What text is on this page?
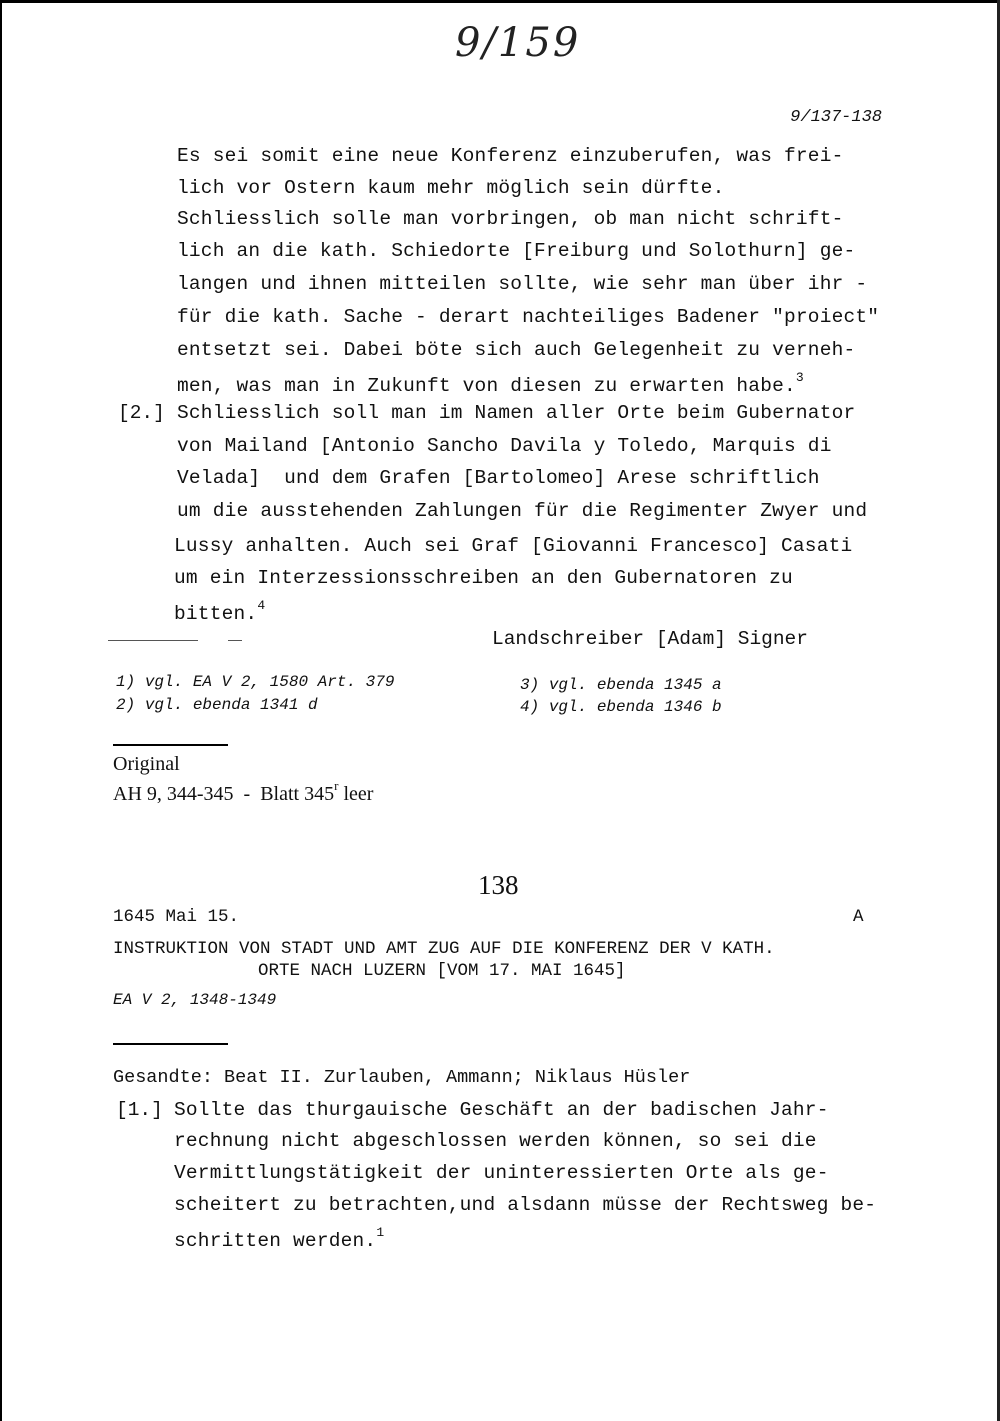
9/159
9/137-138
Es sei somit eine neue Konferenz einzuberufen, was frei-
lich vor Ostern kaum mehr möglich sein dürfte.
Schliesslich solle man vorbringen, ob man nicht schrift-
lich an die kath. Schiedorte [Freiburg und Solothurn] ge-
langen und ihnen mitteilen sollte, wie sehr man über ihr -
für die kath. Sache - derart nachteiliges Badener "proiect"
entsetzt sei. Dabei böte sich auch Gelegenheit zu verneh-
men, was man in Zukunft von diesen zu erwarten habe.$^3$
[2.] Schliesslich soll man im Namen aller Orte beim Gubernator
von Mailand [Antonio Sancho Davila y Toledo, Marquis di
Velada]  und dem Grafen [Bartolomeo] Arese schriftlich
um die ausstehenden Zahlungen für die Regimenter Zwyer und
Lussy anhalten. Auch sei Graf [Giovanni Francesco] Casati
um ein Interzessionsschreiben an den Gubernatoren zu
bitten.$^4$
Landschreiber [Adam] Signer
1) vgl. EA V 2, 1580 Art. 379
2) vgl. ebenda 1341 d
3) vgl. ebenda 1345 a
4) vgl. ebenda 1346 b
Original
AH 9, 344-345  -  Blatt 345$^r$ leer
138
1645 Mai 15.	A
INSTRUKTION VON STADT UND AMT ZUG AUF DIE KONFERENZ DER V KATH.
ORTE NACH LUZERN [VOM 17. MAI 1645]
EA V 2, 1348-1349
Gesandte: Beat II. Zurlauben, Ammann; Niklaus Hüsler
[1.] Sollte das thurgauische Geschäft an der badischen Jahr-
rechnung nicht abgeschlossen werden können, so sei die
Vermittlungstätigkeit der uninteressierten Orte als ge-
scheitert zu betrachten,und alsdann müsse der Rechtsweg be-
schritten werden.$^1$
